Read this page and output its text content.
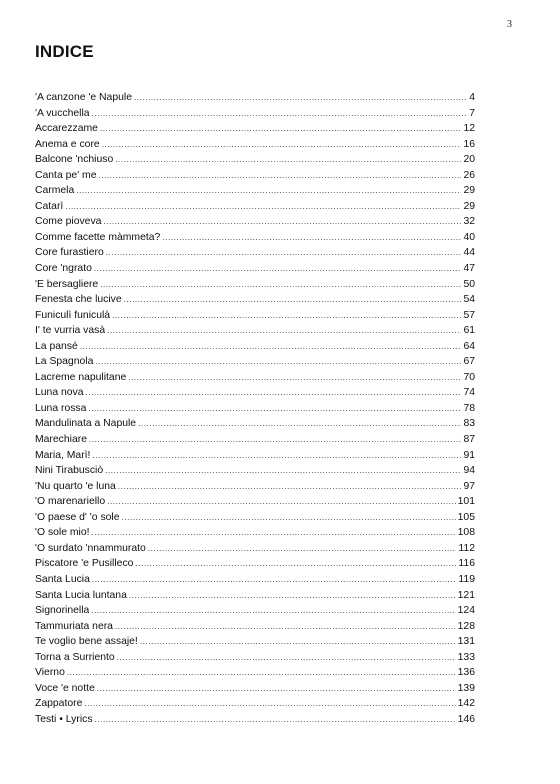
3
INDICE
'A canzone 'e Napule .....	4
'A vucchella .....	7
Accarezzame .....	12
Anema e core .....	16
Balcone 'nchiuso .....	20
Canta pe' me .....	26
Carmela .....	29
Catarì .....	29
Come pioveva .....	32
Comme facette màmmeta? .....	40
Core furastiero .....	44
Core 'ngrato .....	47
'E bersagliere .....	50
Fenesta che lucive .....	54
Funiculì funiculà .....	57
I' te vurria vasà .....	61
La pansé .....	64
La Spagnola .....	67
Lacreme napulitane .....	70
Luna nova .....	74
Luna rossa .....	78
Mandulinata a Napule .....	83
Marechiare .....	87
Maria, Marì! .....	91
Nini Tirabusciò .....	94
'Nu quarto 'e luna .....	97
'O marenariello .....	101
'O paese d' 'o sole .....	105
'O sole mio! .....	108
'O surdato 'nnammurato .....	112
Piscatore 'e Pusilleco .....	116
Santa Lucia .....	119
Santa Lucia luntana .....	121
Signorinella .....	124
Tammuriata nera .....	128
Te voglio bene assaje! .....	131
Torna a Surriento .....	133
Vierno .....	136
Voce 'e notte .....	139
Zappatore .....	142
Testi • Lyrics .....	146
